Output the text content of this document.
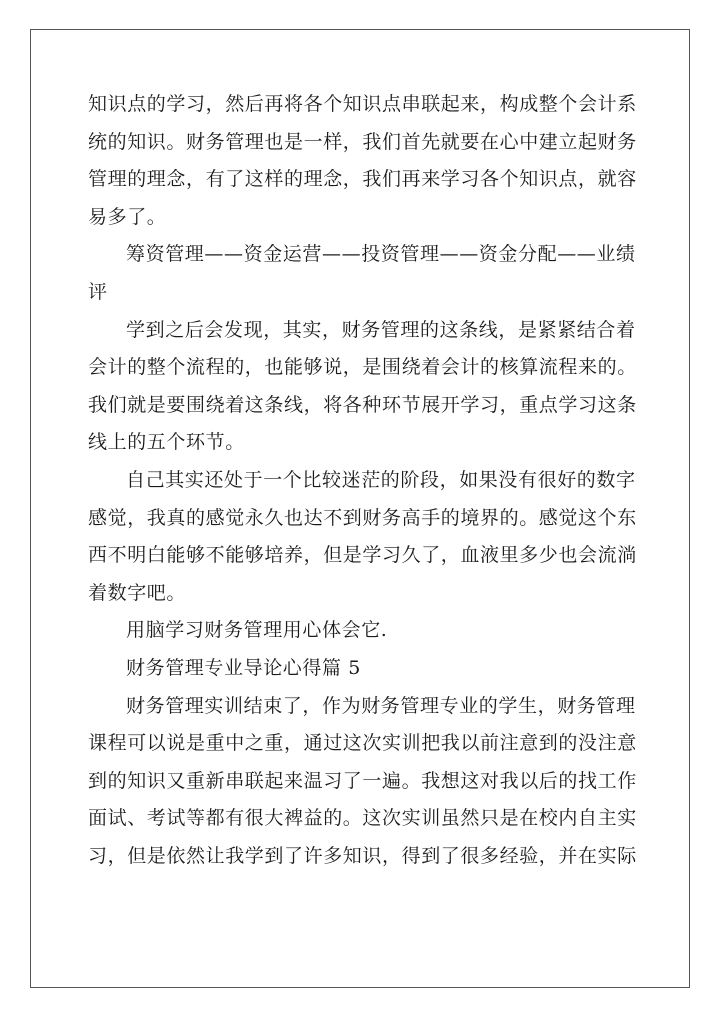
知识点的学习，然后再将各个知识点串联起来，构成整个会计系
统的知识。财务管理也是一样，我们首先就要在心中建立起财务
管理的理念，有了这样的理念，我们再来学习各个知识点，就容
易多了。

筹资管理——资金运营——投资管理——资金分配——业绩
评

学到之后会发现，其实，财务管理的这条线，是紧紧结合着
会计的整个流程的，也能够说，是围绕着会计的核算流程来的。
我们就是要围绕着这条线，将各种环节展开学习，重点学习这条
线上的五个环节。

自己其实还处于一个比较迷茫的阶段，如果没有很好的数字
感觉，我真的感觉永久也达不到财务高手的境界的。感觉这个东
西不明白能够不能够培养，但是学习久了，血液里多少也会流淌
着数字吧。

用脑学习财务管理用心体会它.

财务管理专业导论心得篇 5

财务管理实训结束了，作为财务管理专业的学生，财务管理
课程可以说是重中之重，通过这次实训把我以前注意到的没注意
到的知识又重新串联起来温习了一遍。我想这对我以后的找工作
面试、考试等都有很大裨益的。这次实训虽然只是在校内自主实
习，但是依然让我学到了许多知识，得到了很多经验，并在实际
